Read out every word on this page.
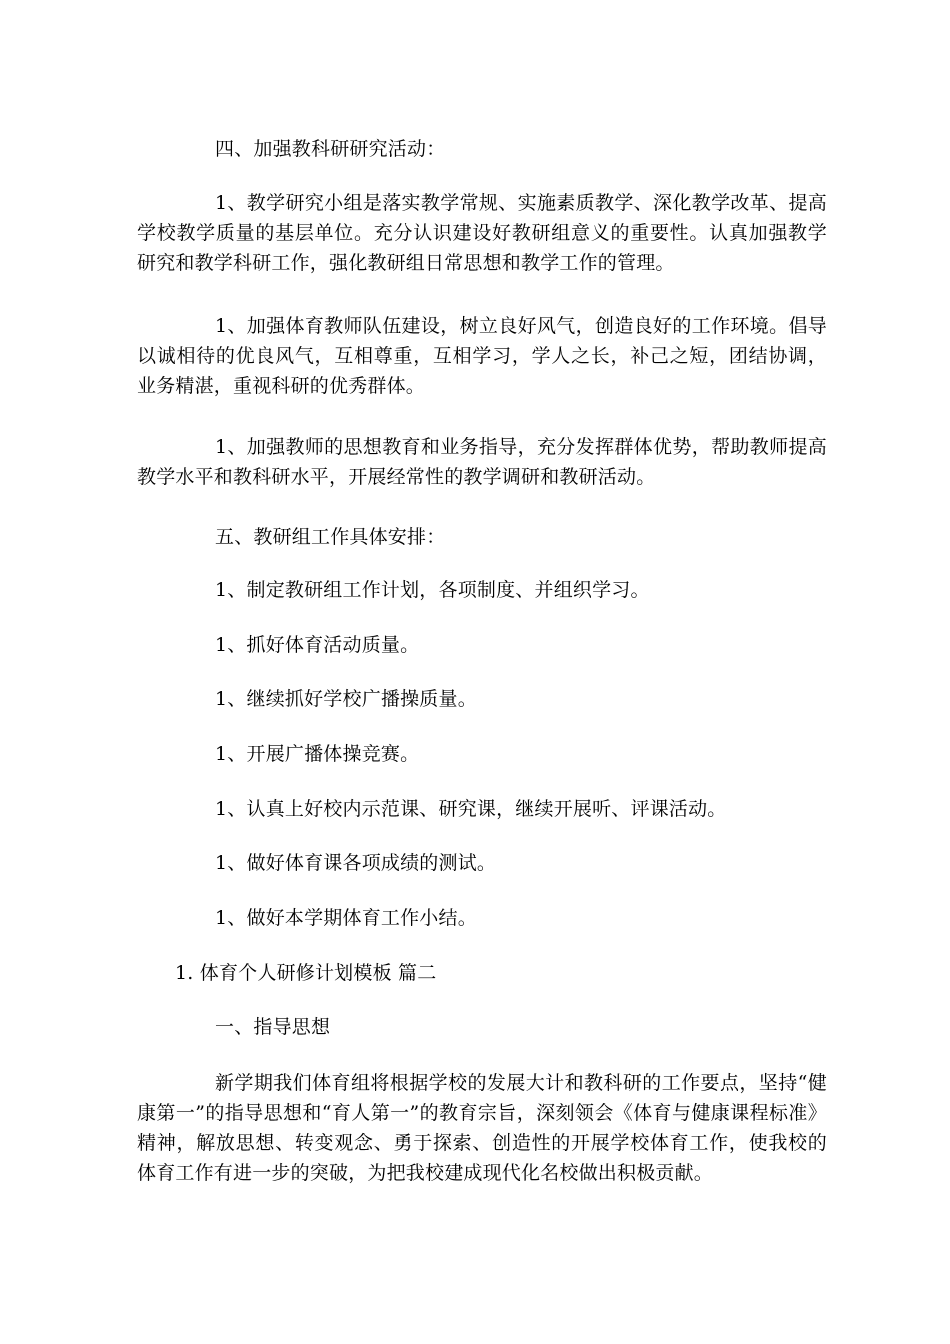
四、加强教科研研究活动：

1、教学研究小组是落实教学常规、实施素质教学、深化教学改革、提高学校教学质量的基层单位。充分认识建设好教研组意义的重要性。认真加强教学研究和教学科研工作，强化教研组日常思想和教学工作的管理。

1、加强体育教师队伍建设，树立良好风气，创造良好的工作环境。倡导以诚相待的优良风气，互相尊重，互相学习，学人之长，补己之短，团结协调，业务精湛，重视科研的优秀群体。

1、加强教师的思想教育和业务指导，充分发挥群体优势，帮助教师提高教学水平和教科研水平，开展经常性的教学调研和教研活动。

五、教研组工作具体安排：

1、制定教研组工作计划，各项制度、并组织学习。

1、抓好体育活动质量。

1、继续抓好学校广播操质量。

1、开展广播体操竞赛。

1、认真上好校内示范课、研究课，继续开展听、评课活动。

1、做好体育课各项成绩的测试。

1、做好本学期体育工作小结。

1. 体育个人研修计划模板 篇二

一、指导思想

新学期我们体育组将根据学校的发展大计和教科研的工作要点，坚持“健康第一”的指导思想和“育人第一”的教育宗旨，深刻领会《体育与健康课程标准》精神，解放思想、转变观念、勇于探索、创造性的开展学校体育工作，使我校的体育工作有进一步的突破，为把我校建成现代化名校做出积极贡献。
